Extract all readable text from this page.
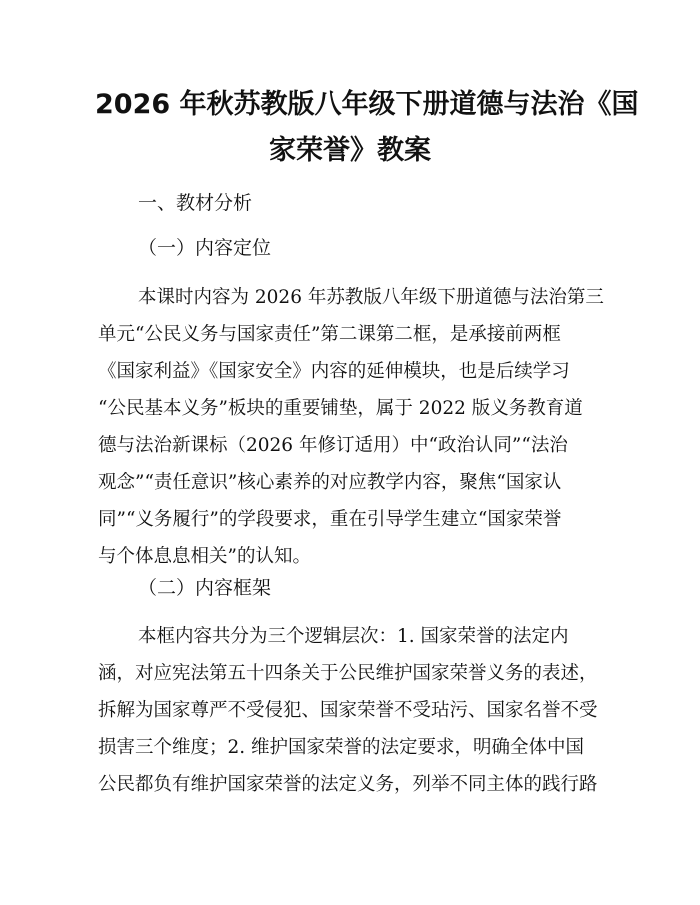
2026 年秋苏教版八年级下册道德与法治《国
家荣誉》教案
一、教材分析
（一）内容定位
本课时内容为 2026 年苏教版八年级下册道德与法治第三
单元“公民义务与国家责任”第二课第二框，是承接前两框
《国家利益》《国家安全》内容的延伸模块，也是后续学习
“公民基本义务”板块的重要铺垫，属于 2022 版义务教育道
德与法治新课标（2026 年修订适用）中“政治认同”“法治
观念”“责任意识”核心素养的对应教学内容，聚焦“国家认
同”“义务履行”的学段要求，重在引导学生建立“国家荣誉
与个体息息相关”的认知。
（二）内容框架
本框内容共分为三个逻辑层次：1. 国家荣誉的法定内
涵，对应宪法第五十四条关于公民维护国家荣誉义务的表述，
拆解为国家尊严不受侵犯、国家荣誉不受玷污、国家名誉不受
损害三个维度；2. 维护国家荣誉的法定要求，明确全体中国
公民都负有维护国家荣誉的法定义务，列举不同主体的践行路
